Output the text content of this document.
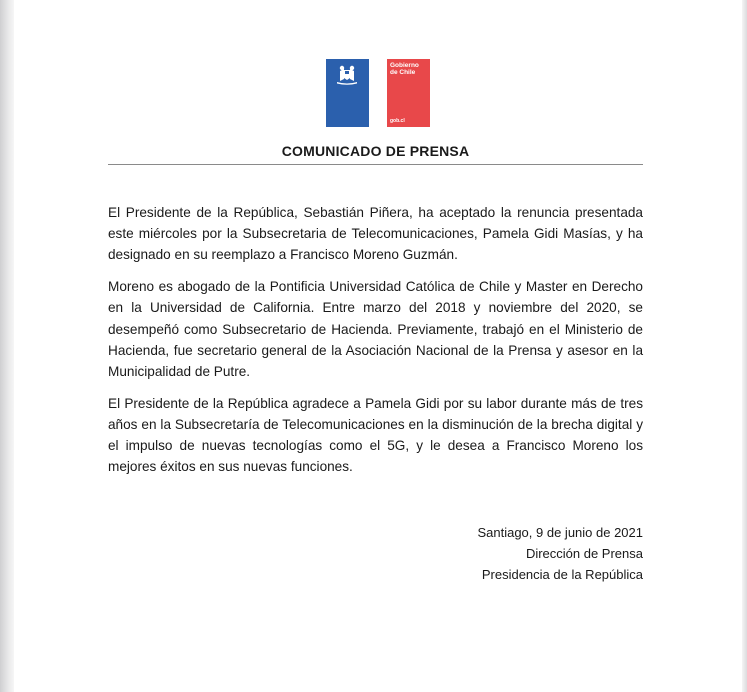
Gobierno
de Chile
gob.cl
COMUNICADO DE PRENSA

El Presidente de la República, Sebastián Piñera, ha aceptado la renuncia presentada este miércoles por la Subsecretaria de Telecomunicaciones, Pamela Gidi Masías, y ha designado en su reemplazo a Francisco Moreno Guzmán.

Moreno es abogado de la Pontificia Universidad Católica de Chile y Master en Derecho en la Universidad de California. Entre marzo del 2018 y noviembre del 2020, se desempeñó como Subsecretario de Hacienda. Previamente, trabajó en el Ministerio de Hacienda, fue secretario general de la Asociación Nacional de la Prensa y asesor en la Municipalidad de Putre.

El Presidente de la República agradece a Pamela Gidi por su labor durante más de tres años en la Subsecretaría de Telecomunicaciones en la disminución de la brecha digital y el impulso de nuevas tecnologías como el 5G, y le desea a Francisco Moreno los mejores éxitos en sus nuevas funciones.

Santiago, 9 de junio de 2021
Dirección de Prensa
Presidencia de la República
